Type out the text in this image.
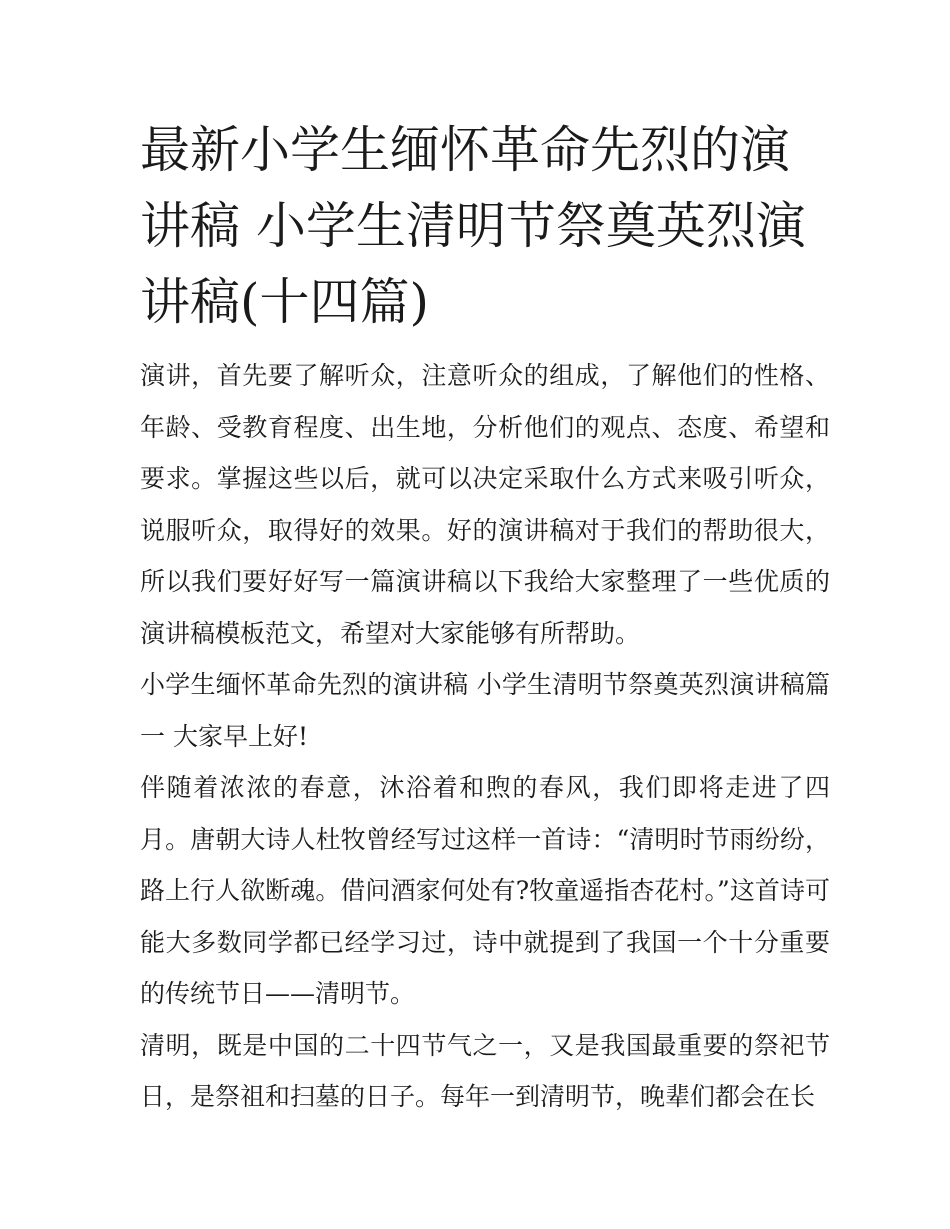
最新小学生缅怀革命先烈的演讲稿 小学生清明节祭奠英烈演讲稿(十四篇)

演讲，首先要了解听众，注意听众的组成，了解他们的性格、年龄、受教育程度、出生地，分析他们的观点、态度、希望和要求。掌握这些以后，就可以决定采取什么方式来吸引听众，说服听众，取得好的效果。好的演讲稿对于我们的帮助很大，所以我们要好好写一篇演讲稿以下我给大家整理了一些优质的演讲稿模板范文，希望对大家能够有所帮助。

小学生缅怀革命先烈的演讲稿 小学生清明节祭奠英烈演讲稿篇一 大家早上好!

伴随着浓浓的春意，沐浴着和煦的春风，我们即将走进了四月。唐朝大诗人杜牧曾经写过这样一首诗：“清明时节雨纷纷，路上行人欲断魂。借问酒家何处有?牧童遥指杏花村。”这首诗可能大多数同学都已经学习过，诗中就提到了我国一个十分重要的传统节日——清明节。

清明，既是中国的二十四节气之一，又是我国最重要的祭祀节日，是祭祖和扫墓的日子。每年一到清明节，晚辈们都会在长
